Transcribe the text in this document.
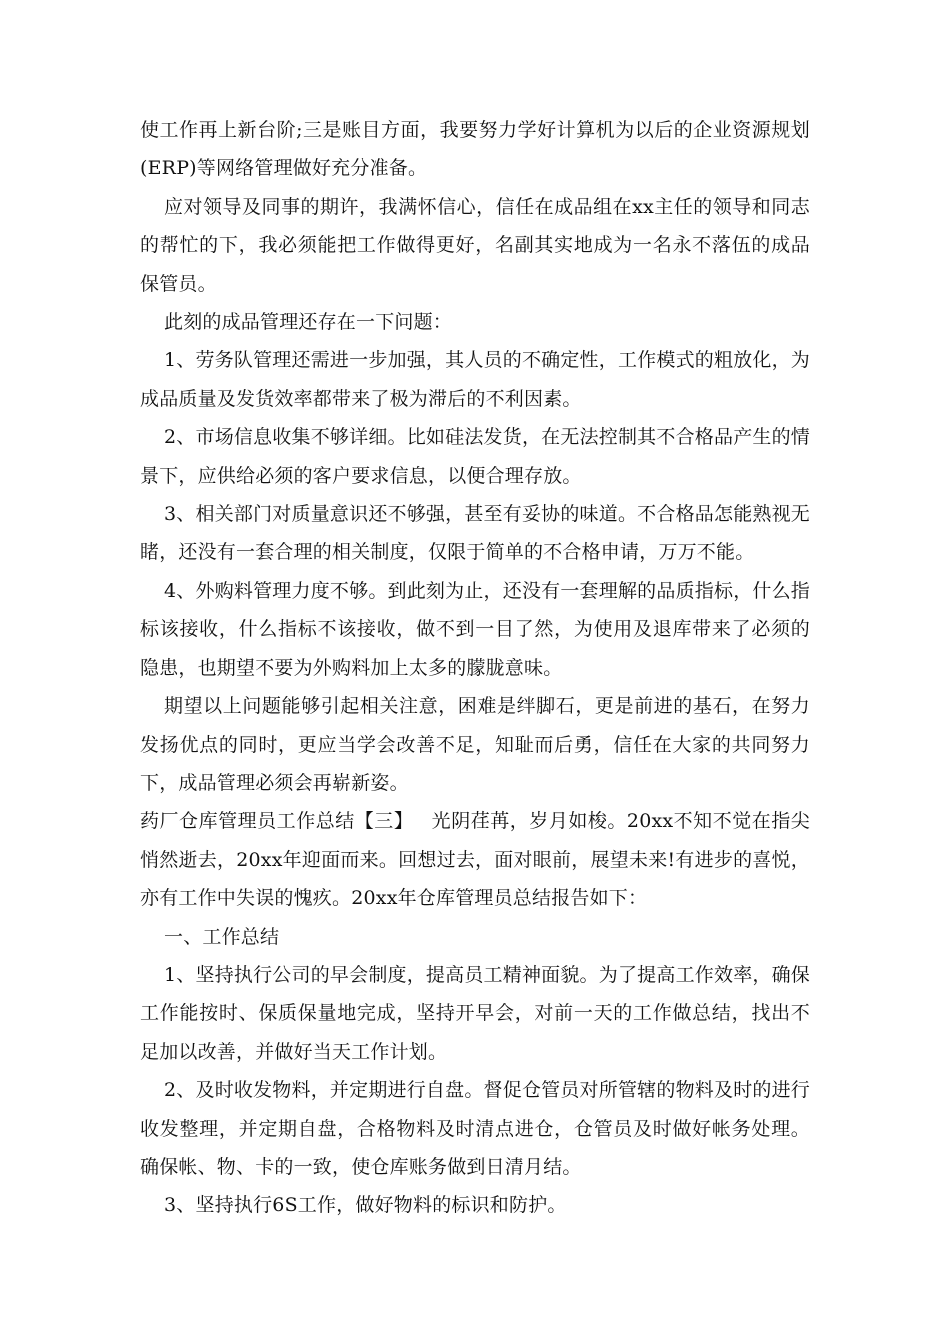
使工作再上新台阶;三是账目方面，我要努力学好计算机为以后的企业资源规划(ERP)等网络管理做好充分准备。

应对领导及同事的期许，我满怀信心，信任在成品组在xx主任的领导和同志的帮忙的下，我必须能把工作做得更好，名副其实地成为一名永不落伍的成品保管员。

此刻的成品管理还存在一下问题：

1、劳务队管理还需进一步加强，其人员的不确定性，工作模式的粗放化，为成品质量及发货效率都带来了极为滞后的不利因素。

2、市场信息收集不够详细。比如硅法发货，在无法控制其不合格品产生的情景下，应供给必须的客户要求信息，以便合理存放。

3、相关部门对质量意识还不够强，甚至有妥协的味道。不合格品怎能熟视无睹，还没有一套合理的相关制度，仅限于简单的不合格申请，万万不能。

4、外购料管理力度不够。到此刻为止，还没有一套理解的品质指标，什么指标该接收，什么指标不该接收，做不到一目了然，为使用及退库带来了必须的隐患，也期望不要为外购料加上太多的朦胧意味。

期望以上问题能够引起相关注意，困难是绊脚石，更是前进的基石，在努力发扬优点的同时，更应当学会改善不足，知耻而后勇，信任在大家的共同努力下，成品管理必须会再崭新姿。

药厂仓库管理员工作总结【三】 光阴荏苒，岁月如梭。20xx不知不觉在指尖悄然逝去，20xx年迎面而来。回想过去，面对眼前，展望未来!有进步的喜悦，亦有工作中失误的愧疚。20xx年仓库管理员总结报告如下：

一、工作总结

1、坚持执行公司的早会制度，提高员工精神面貌。为了提高工作效率，确保工作能按时、保质保量地完成，坚持开早会，对前一天的工作做总结，找出不足加以改善，并做好当天工作计划。

2、及时收发物料，并定期进行自盘。督促仓管员对所管辖的物料及时的进行收发整理，并定期自盘，合格物料及时清点进仓，仓管员及时做好帐务处理。确保帐、物、卡的一致，使仓库账务做到日清月结。

3、坚持执行6S工作，做好物料的标识和防护。
